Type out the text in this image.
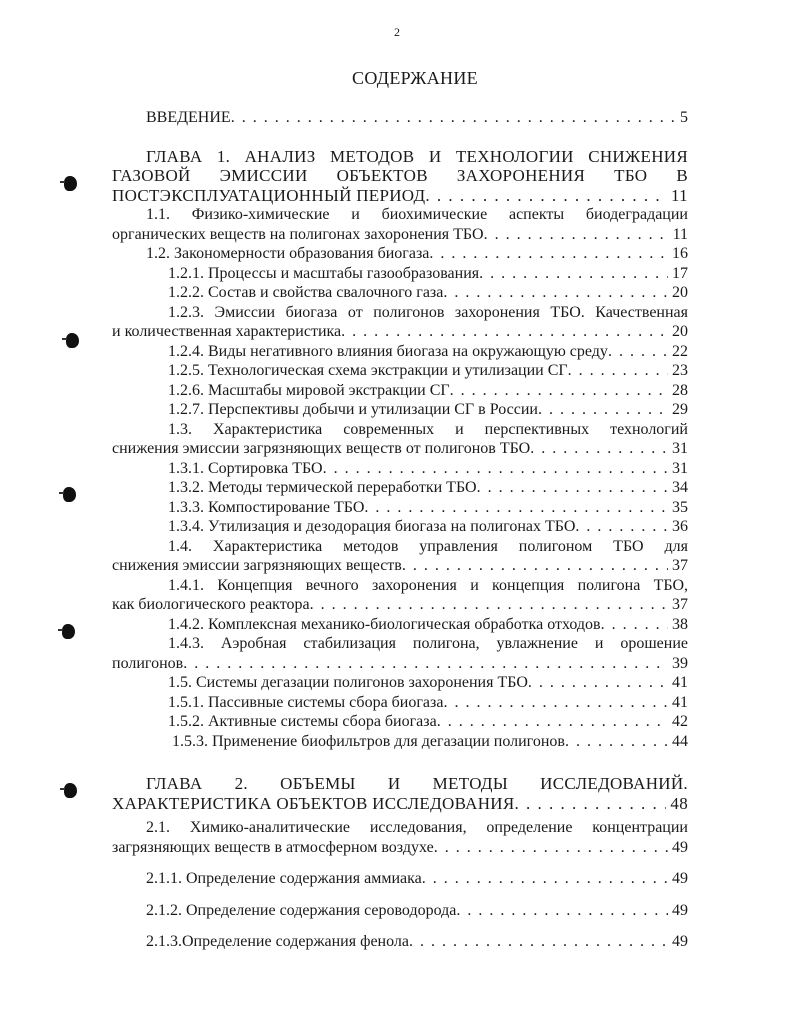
2
СОДЕРЖАНИЕ
ВВЕДЕНИЕ . . .	5
ГЛАВА 1. АНАЛИЗ МЕТОДОВ И ТЕХНОЛОГИИ СНИЖЕНИЯ
ГАЗОВОЙ ЭМИССИИ ОБЪЕКТОВ ЗАХОРОНЕНИЯ ТБО В
ПОСТЭКСПЛУАТАЦИОННЫЙ ПЕРИОД . . .	11
1.1. Физико-химические и биохимические аспекты биодеградации
органических веществ на полигонах захоронения ТБО . . .	11
1.2. Закономерности образования биогаза . . .	16
1.2.1. Процессы и масштабы газообразования . . .	17
1.2.2. Состав и свойства свалочного газа . . .	20
1.2.3. Эмиссии биогаза от полигонов захоронения ТБО. Качественная
и количественная характеристика . . .	20
1.2.4. Виды негативного влияния биогаза на окружающую среду . . .	22
1.2.5. Технологическая схема экстракции и утилизации СГ . . .	23
1.2.6. Масштабы мировой экстракции СГ . . .	28
1.2.7. Перспективы добычи и утилизации СГ в России . . .	29
1.3. Характеристика современных и перспективных технологий
снижения эмиссии загрязняющих веществ от полигонов ТБО . . .	31
1.3.1. Сортировка ТБО . . .	31
1.3.2. Методы термической переработки ТБО . . .	34
1.3.3. Компостирование ТБО . . .	35
1.3.4. Утилизация и дезодорация биогаза на полигонах ТБО . . .	36
1.4. Характеристика методов управления полигоном ТБО для
снижения эмиссии загрязняющих веществ . . .	37
1.4.1. Концепция вечного захоронения и концепция полигона ТБО,
как биологического реактора . . .	37
1.4.2. Комплексная механико-биологическая обработка отходов . . .	38
1.4.3. Аэробная стабилизация полигона, увлажнение и орошение
полигонов . . .	39
1.5. Системы дегазации полигонов захоронения ТБО . . .	41
1.5.1. Пассивные системы сбора биогаза . . .	41
1.5.2. Активные системы сбора биогаза . . .	42
1.5.3. Применение биофильтров для дегазации полигонов . . .	44
ГЛАВА 2. ОБЪЕМЫ И МЕТОДЫ ИССЛЕДОВАНИЙ.
ХАРАКТЕРИСТИКА ОБЪЕКТОВ ИССЛЕДОВАНИЯ . . .	48
2.1. Химико-аналитические исследования, определение концентрации
загрязняющих веществ в атмосферном воздухе . . .	49
2.1.1. Определение содержания аммиака . . .	49
2.1.2. Определение содержания сероводорода . . .	49
2.1.3.Определение содержания фенола . . .	49
